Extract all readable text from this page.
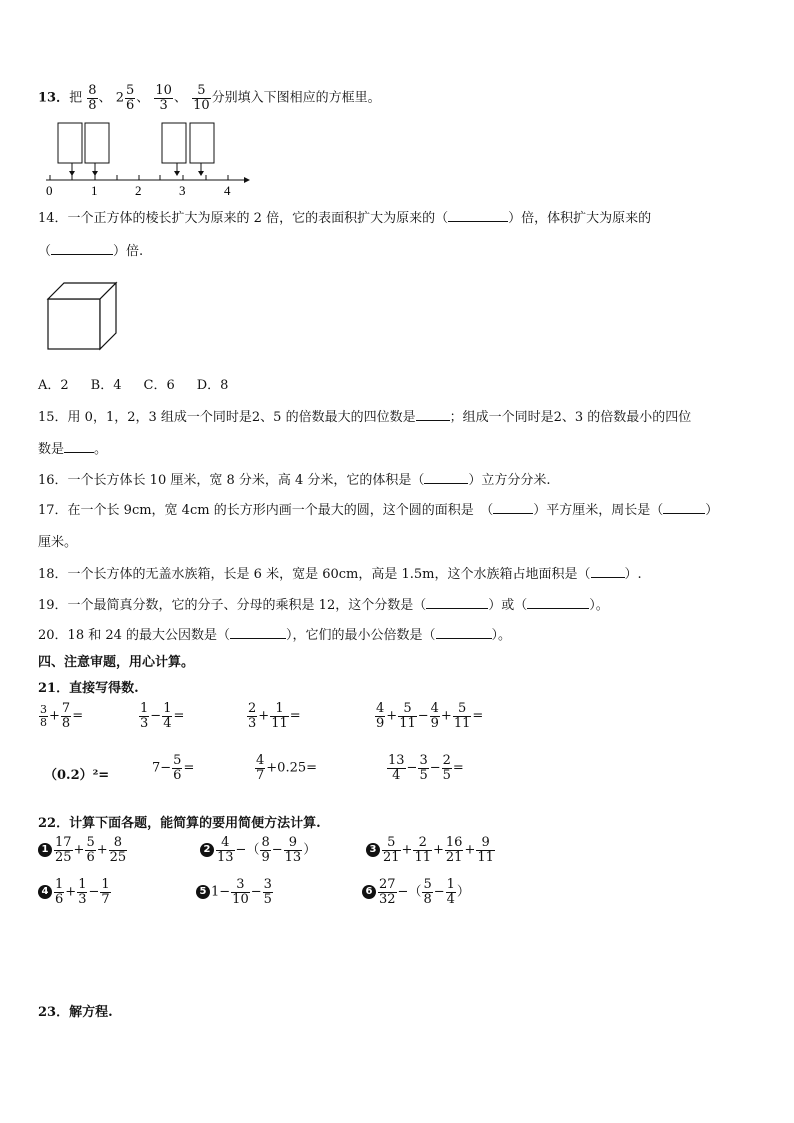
13．把 $\frac{8}{8}$ 、 $2 \frac{5}{6}$ 、 $\frac{10}{3}$ 、 $\frac{5}{10}$ 分别填入下图相应的方框里。
0	1	2	3	4
14．一个正方体的棱长扩大为原来的 2 倍，它的表面积扩大为原来的（	）倍，体积扩大为原来的
（	）倍.
A．2 B．4 C．6 D．8
15．用 0，1，2，3 组成一个同时是2、5 的倍数最大的四位数是	；组成一个同时是2、3 的倍数最小的四位
数是 。
16．一个长方体长 10 厘米，宽 8 分米，高 4 分米，它的体积是（	）立方分分米.
17．在一个长 9cm，宽 4cm 的长方形内画一个最大的圆，这个圆的面积是　（	）平方厘米，周长是（	）
厘米。
18．一个长方体的无盖水族箱，长是 6 米，宽是 60cm，高是 1.5m，这个水族箱占地面积是（	）.
19．一个最简真分数，它的分子、分母的乘积是 12，这个分数是（	）或（	）。
20．18 和 24 的最大公因数是（	），它们的最小公倍数是（	）。
四、注意审题，用心计算。
21．直接写得数.
$\frac{3}{8} + \frac{7}{8}$ =	$\frac{1}{3} - \frac{1}{4}$ =	$\frac{2}{3} + \frac{1}{11}$ =	$\frac{4}{9} + \frac{5}{11} - \frac{4}{9} + \frac{5}{11}$ =
（0.2）²=	$7- \frac{5}{6}$ =	$\frac{4}{7} +0.25=$	$\frac{13}{4} - \frac{3}{5} - \frac{2}{5}$ =
22．计算下面各题，能简算的要用简便方法计算.
$1 \frac{17}{25} + \frac{5}{6} + \frac{8}{25}$	$2 \frac{4}{13}$ −（ $\frac{8}{9} - \frac{9}{13}$ ）	$3 \frac{5}{21} + \frac{2}{11} + \frac{16}{21} + \frac{9}{11}$
$4 \frac{1}{6} + \frac{1}{3} - \frac{1}{7}$	5 $1- \frac{3}{10} - \frac{3}{5}$	$6 \frac{27}{32}$ −（ $\frac{5}{8} - \frac{1}{4}$ ）
23．解方程.
